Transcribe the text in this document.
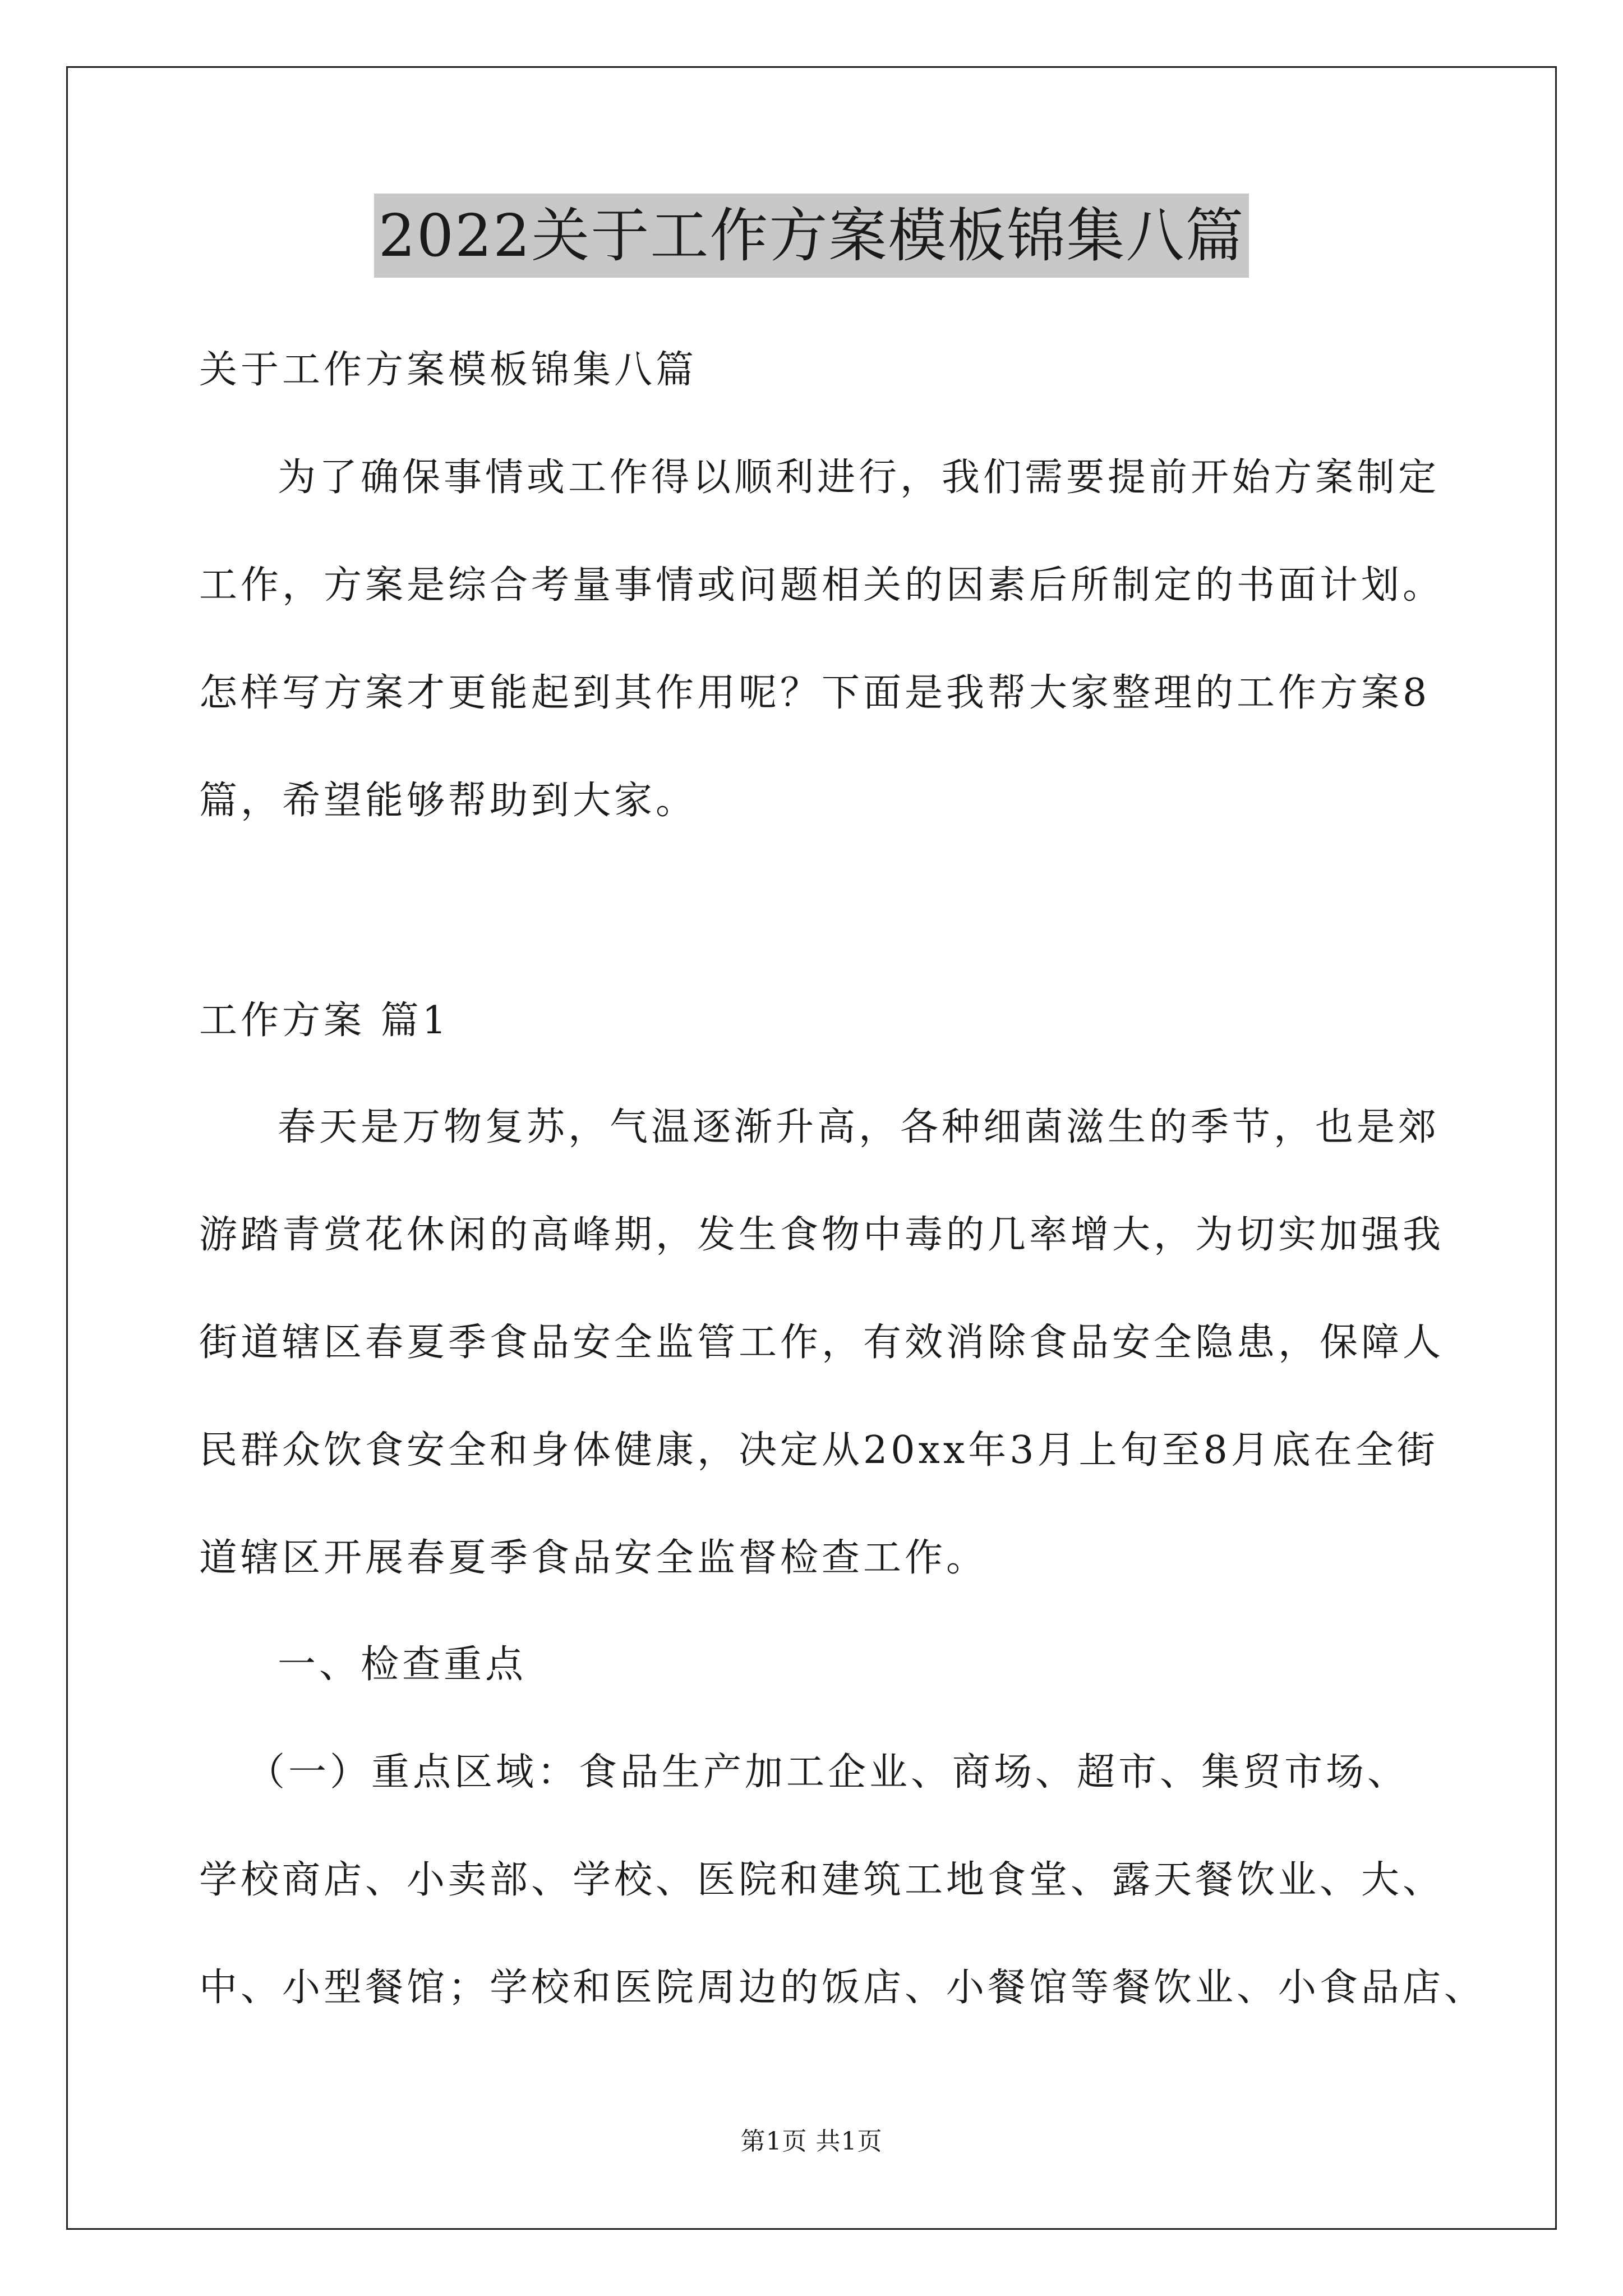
2022关于工作方案模板锦集八篇
关于工作方案模板锦集八篇
为了确保事情或工作得以顺利进行，我们需要提前开始方案制定
工作，方案是综合考量事情或问题相关的因素后所制定的书面计划。
怎样写方案才更能起到其作用呢？下面是我帮大家整理的工作方案8
篇，希望能够帮助到大家。
工作方案 篇1
春天是万物复苏，气温逐渐升高，各种细菌滋生的季节，也是郊
游踏青赏花休闲的高峰期，发生食物中毒的几率增大，为切实加强我
街道辖区春夏季食品安全监管工作，有效消除食品安全隐患，保障人
民群众饮食安全和身体健康，决定从20xx年3月上旬至8月底在全街
道辖区开展春夏季食品安全监督检查工作。
一、检查重点
（一）重点区域：食品生产加工企业、商场、超市、集贸市场、
学校商店、小卖部、学校、医院和建筑工地食堂、露天餐饮业、大、
中、小型餐馆；学校和医院周边的饭店、小餐馆等餐饮业、小食品店、
第1页 共1页
